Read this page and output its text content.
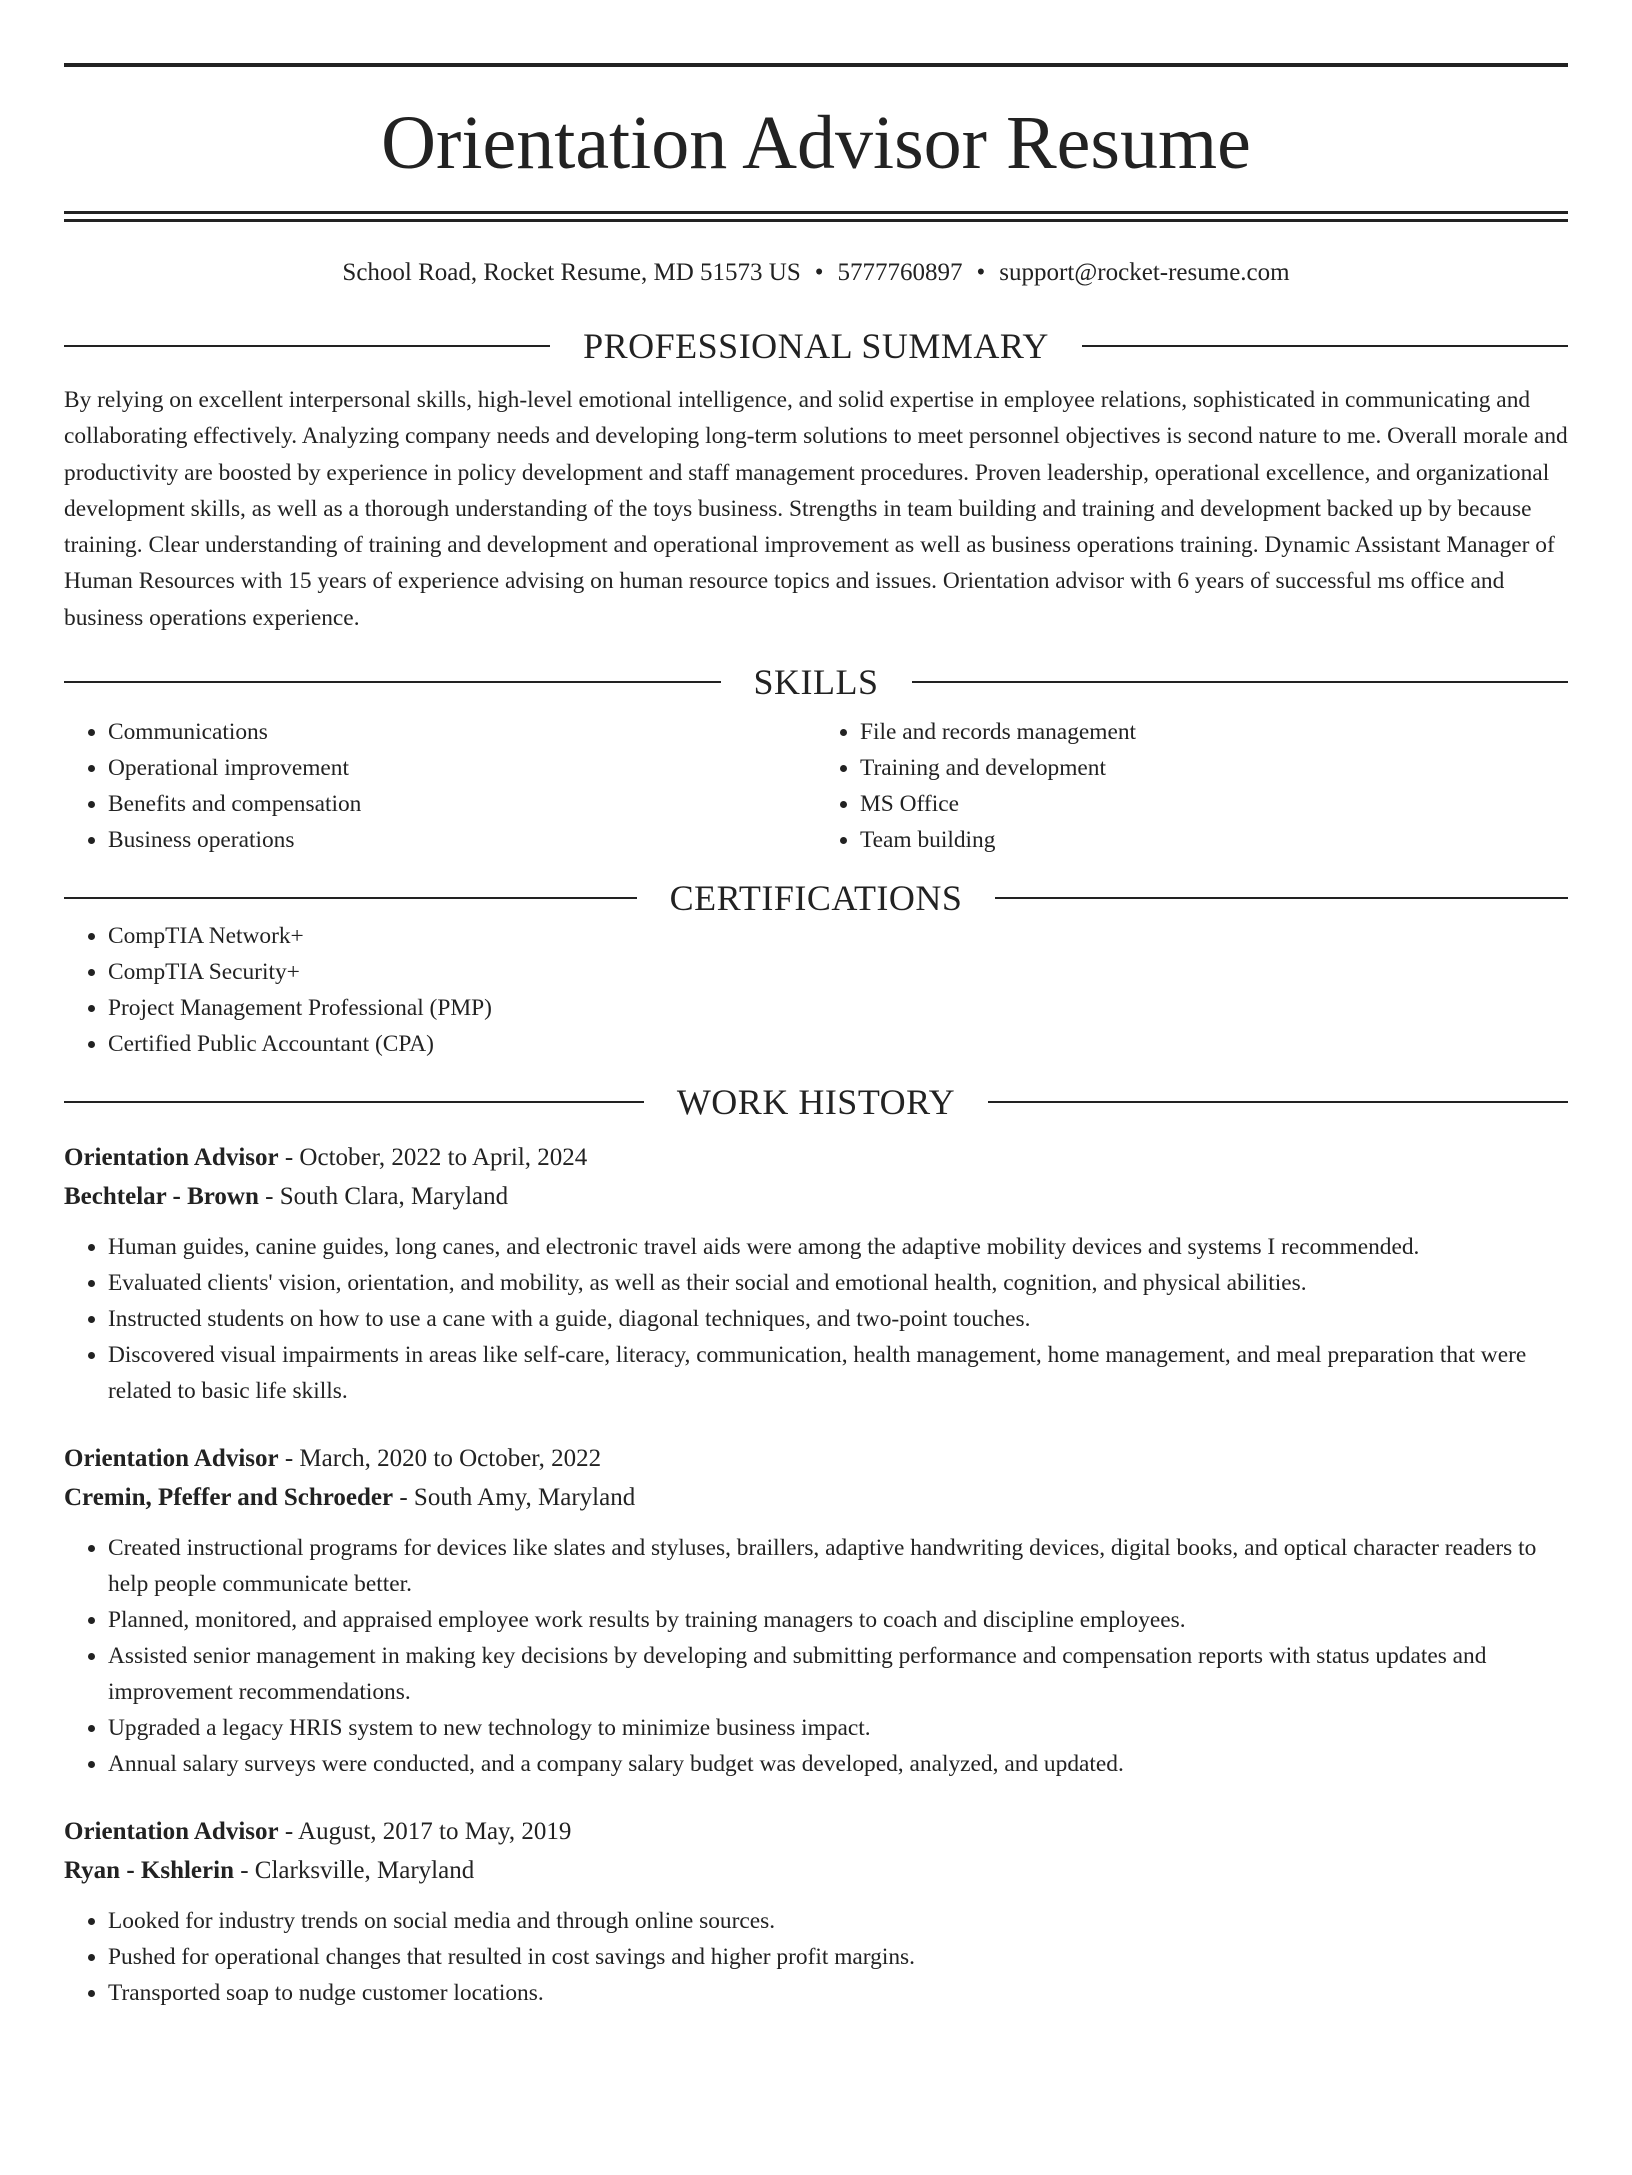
Orientation Advisor Resume
School Road, Rocket Resume, MD 51573 US • 5777760897 • support@rocket-resume.com
PROFESSIONAL SUMMARY
By relying on excellent interpersonal skills, high-level emotional intelligence, and solid expertise in employee relations, sophisticated in communicating and collaborating effectively. Analyzing company needs and developing long-term solutions to meet personnel objectives is second nature to me. Overall morale and productivity are boosted by experience in policy development and staff management procedures. Proven leadership, operational excellence, and organizational development skills, as well as a thorough understanding of the toys business. Strengths in team building and training and development backed up by because training. Clear understanding of training and development and operational improvement as well as business operations training. Dynamic Assistant Manager of Human Resources with 15 years of experience advising on human resource topics and issues. Orientation advisor with 6 years of successful ms office and business operations experience.
SKILLS
• Communications
• Operational improvement
• Benefits and compensation
• Business operations
• File and records management
• Training and development
• MS Office
• Team building
CERTIFICATIONS
• CompTIA Network+
• CompTIA Security+
• Project Management Professional (PMP)
• Certified Public Accountant (CPA)
WORK HISTORY
Orientation Advisor - October, 2022 to April, 2024
Bechtelar - Brown - South Clara, Maryland
• Human guides, canine guides, long canes, and electronic travel aids were among the adaptive mobility devices and systems I recommended.
• Evaluated clients' vision, orientation, and mobility, as well as their social and emotional health, cognition, and physical abilities.
• Instructed students on how to use a cane with a guide, diagonal techniques, and two-point touches.
• Discovered visual impairments in areas like self-care, literacy, communication, health management, home management, and meal preparation that were related to basic life skills.
Orientation Advisor - March, 2020 to October, 2022
Cremin, Pfeffer and Schroeder - South Amy, Maryland
• Created instructional programs for devices like slates and styluses, braillers, adaptive handwriting devices, digital books, and optical character readers to help people communicate better.
• Planned, monitored, and appraised employee work results by training managers to coach and discipline employees.
• Assisted senior management in making key decisions by developing and submitting performance and compensation reports with status updates and improvement recommendations.
• Upgraded a legacy HRIS system to new technology to minimize business impact.
• Annual salary surveys were conducted, and a company salary budget was developed, analyzed, and updated.
Orientation Advisor - August, 2017 to May, 2019
Ryan - Kshlerin - Clarksville, Maryland
• Looked for industry trends on social media and through online sources.
• Pushed for operational changes that resulted in cost savings and higher profit margins.
• Transported soap to nudge customer locations.
